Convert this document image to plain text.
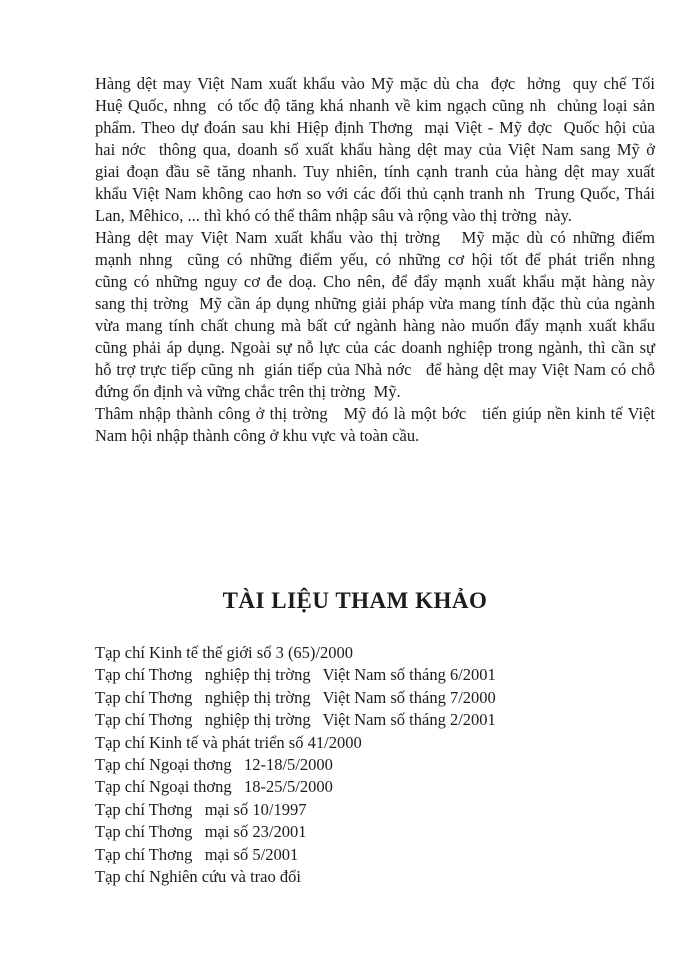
Hàng dệt may Việt Nam xuất khẩu vào Mỹ mặc dù cha  đợc  hởng  quy chế Tối
Huệ Quốc, nhng  có tốc độ tăng khá nhanh về kim ngạch cũng nh  chủng loại sản
phẩm. Theo dự đoán sau khi Hiệp định Thơng  mại Việt - Mỹ đợc  Quốc hội của
hai nớc  thông qua, doanh số xuất khẩu hàng dệt may của Việt Nam sang Mỹ ở
giai đoạn đầu sẽ tăng nhanh. Tuy nhiên, tính cạnh tranh của hàng dệt may xuất
khẩu Việt Nam không cao hơn so với các đối thủ cạnh tranh nh  Trung Quốc, Thái
Lan, Mêhico, ... thì khó có thể thâm nhập sâu và rộng vào thị trờng  này.
Hàng dệt may Việt Nam xuất khẩu vào thị trờng   Mỹ mặc dù có những điểm
mạnh nhng  cũng có những điểm yếu, có những cơ hội tốt để phát triển nhng
cũng có những nguy cơ đe doạ. Cho nên, để đẩy mạnh xuất khẩu mặt hàng này
sang thị trờng  Mỹ cần áp dụng những giải pháp vừa mang tính đặc thù của ngành
vừa mang tính chất chung mà bất cứ ngành hàng nào muốn đẩy mạnh xuất khẩu
cũng phải áp dụng. Ngoài sự nỗ lực của các doanh nghiệp trong ngành, thì cần sự
hỗ trợ trực tiếp cũng nh  gián tiếp của Nhà nớc   để hàng dệt may Việt Nam có chỗ
đứng ổn định và vững chắc trên thị trờng  Mỹ.
Thâm nhập thành công ở thị trờng   Mỹ đó là một bớc   tiến giúp nền kinh tế Việt
Nam hội nhập thành công ở khu vực và toàn cầu.
TÀI LIỆU THAM KHẢO
Tạp chí Kinh tế thế giới số 3 (65)/2000
Tạp chí Thơng   nghiệp thị trờng   Việt Nam số tháng 6/2001
Tạp chí Thơng   nghiệp thị trờng   Việt Nam số tháng 7/2000
Tạp chí Thơng   nghiệp thị trờng   Việt Nam số tháng 2/2001
Tạp chí Kinh tế và phát triển số 41/2000
Tạp chí Ngoại thơng   12-18/5/2000
Tạp chí Ngoại thơng   18-25/5/2000
Tạp chí Thơng   mại số 10/1997
Tạp chí Thơng   mại số 23/2001
Tạp chí Thơng   mại số 5/2001
Tạp chí Nghiên cứu và trao đổi
